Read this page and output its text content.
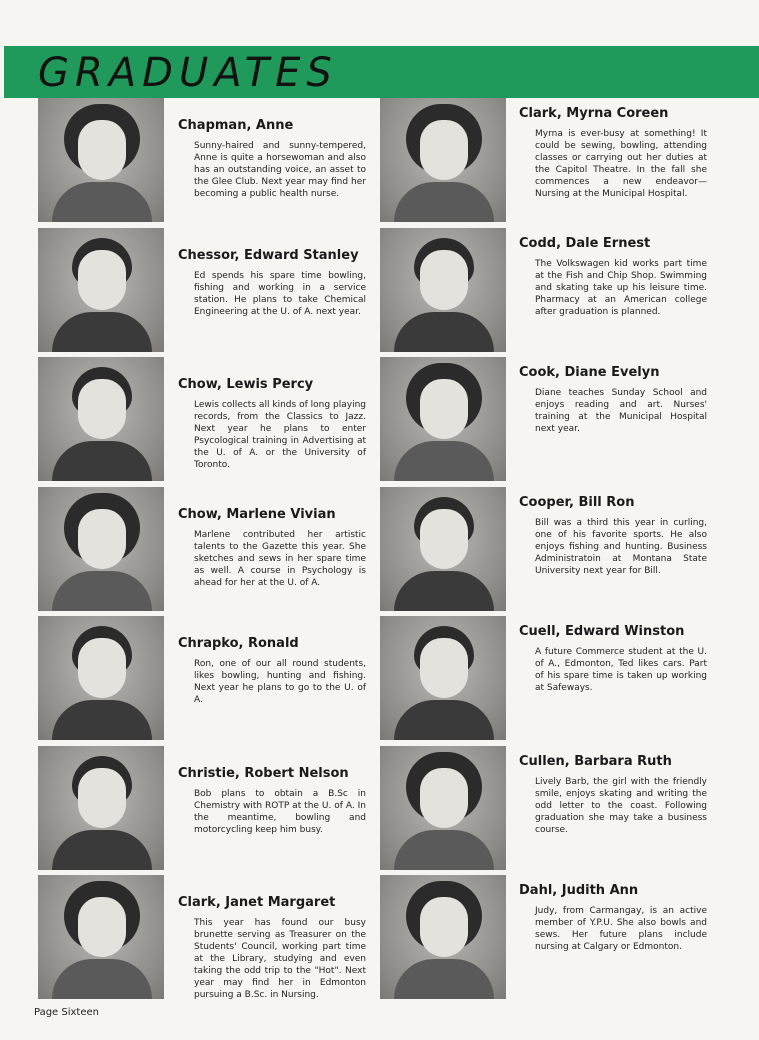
GRADUATES
Chapman, Anne
Sunny-haired and sunny-tempered, Anne is quite a horsewoman and also has an outstanding voice, an asset to the Glee Club. Next year may find her becoming a public health nurse.
Chessor, Edward Stanley
Ed spends his spare time bowling, fishing and working in a service station. He plans to take Chemical Engineering at the U. of A. next year.
Chow, Lewis Percy
Lewis collects all kinds of long playing records, from the Classics to Jazz. Next year he plans to enter Psycological training in Advertising at the U. of A. or the University of Toronto.
Chow, Marlene Vivian
Marlene contributed her artistic talents to the Gazette this year. She sketches and sews in her spare time as well. A course in Psychology is ahead for her at the U. of A.
Chrapko, Ronald
Ron, one of our all round students, likes bowling, hunting and fishing. Next year he plans to go to the U. of A.
Christie, Robert Nelson
Bob plans to obtain a B.Sc in Chemistry with ROTP at the U. of A. In the meantime, bowling and motorcycling keep him busy.
Clark, Janet Margaret
This year has found our busy brunette serving as Treasurer on the Students' Council, working part time at the Library, studying and even taking the odd trip to the "Hot". Next year may find her in Edmonton pursuing a B.Sc. in Nursing.
Clark, Myrna Coreen
Myrna is ever-busy at something! It could be sewing, bowling, attending classes or carrying out her duties at the Capitol Theatre. In the fall she commences a new endeavor—Nursing at the Municipal Hospital.
Codd, Dale Ernest
The Volkswagen kid works part time at the Fish and Chip Shop. Swimming and skating take up his leisure time. Pharmacy at an American college after graduation is planned.
Cook, Diane Evelyn
Diane teaches Sunday School and enjoys reading and art. Nurses' training at the Municipal Hospital next year.
Cooper, Bill Ron
Bill was a third this year in curling, one of his favorite sports. He also enjoys fishing and hunting. Business Administratoin at Montana State University next year for Bill.
Cuell, Edward Winston
A future Commerce student at the U. of A., Edmonton, Ted likes cars. Part of his spare time is taken up working at Safeways.
Cullen, Barbara Ruth
Lively Barb, the girl with the friendly smile, enjoys skating and writing the odd letter to the coast. Following graduation she may take a business course.
Dahl, Judith Ann
Judy, from Carmangay, is an active member of Y.P.U. She also bowls and sews. Her future plans include nursing at Calgary or Edmonton.
Page Sixteen
